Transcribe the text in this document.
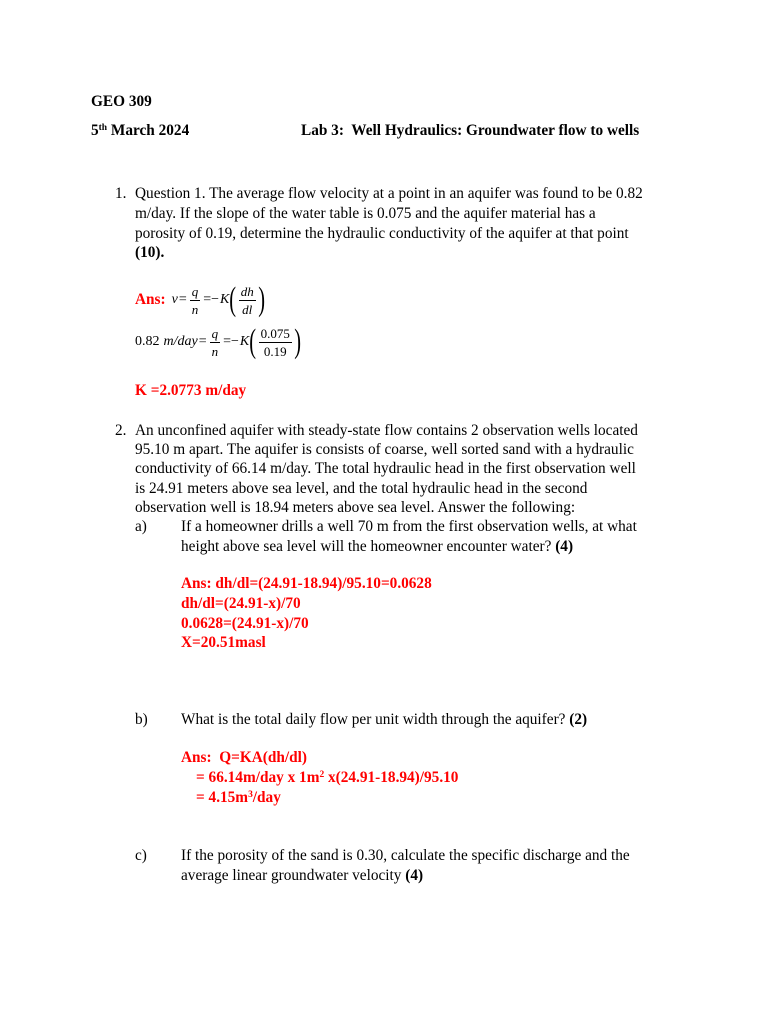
GEO 309
5th March 2024	Lab 3:  Well Hydraulics: Groundwater flow to wells
1. Question 1. The average flow velocity at a point in an aquifer was found to be 0.82
m/day. If the slope of the water table is 0.075 and the aquifer material has a
porosity of 0.19, determine the hydraulic conductivity of the aquifer at that point
(10).
Ans: $v = \frac{q}{n} =- K$ ( $\frac{dh}{dl}$ )
0.82 $m/day = \frac{q}{n} =- K$ ( $\frac{0.075}{0.19}$ )
K =2.0773 m/day
2. An unconfined aquifer with steady-state flow contains 2 observation wells located
95.10 m apart. The aquifer is consists of coarse, well sorted sand with a hydraulic
conductivity of 66.14 m/day. The total hydraulic head in the first observation well
is 24.91 meters above sea level, and the total hydraulic head in the second
observation well is 18.94 meters above sea level. Answer the following:
a) If a homeowner drills a well 70 m from the first observation wells, at what
height above sea level will the homeowner encounter water? (4)
Ans: dh/dl=(24.91-18.94)/95.10=0.0628
dh/dl=(24.91-x)/70
0.0628=(24.91-x)/70
X=20.51masl
b) What is the total daily flow per unit width through the aquifer? (2)
Ans:  Q=KA(dh/dl)
= 66.14m/day x $1m^2$ x(24.91-18.94)/95.10
= $4.15m^3$/day
c) If the porosity of the sand is 0.30, calculate the specific discharge and the
average linear groundwater velocity (4)
